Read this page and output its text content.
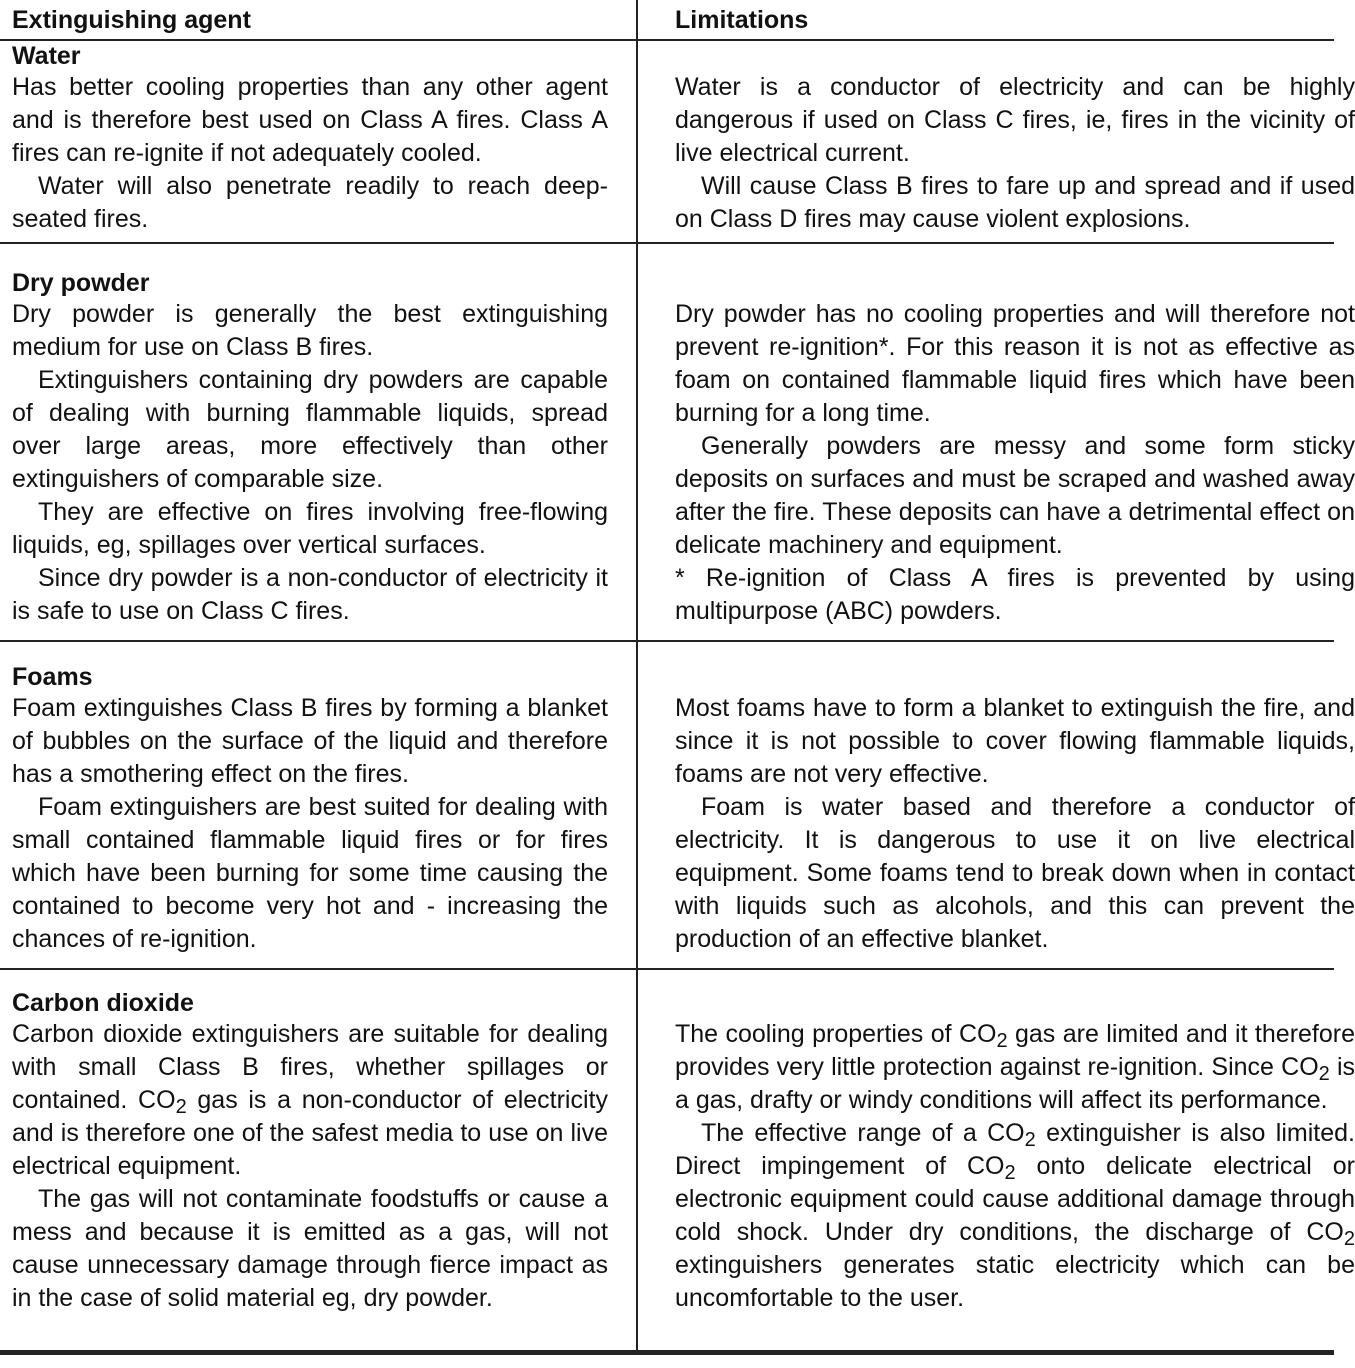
Extinguishing agent	Limitations
Water

Has better cooling properties than any other agent and is therefore best used on Class A fires. Class A fires can re-ignite if not adequately cooled.

Water will also penetrate readily to reach deep-seated fires.

Water is a conductor of electricity and can be highly dangerous if used on Class C fires, ie, fires in the vicinity of live electrical current.

Will cause Class B fires to fare up and spread and if used on Class D fires may cause violent explosions.

Dry powder

Dry powder is generally the best extinguishing medium for use on Class B fires.

Extinguishers containing dry powders are capable of dealing with burning flammable liquids, spread over large areas, more effectively than other extinguishers of comparable size.

They are effective on fires involving free-flowing liquids, eg, spillages over vertical surfaces.

Since dry powder is a non-conductor of electricity it is safe to use on Class C fires.

Dry powder has no cooling properties and will therefore not prevent re-ignition*. For this reason it is not as effective as foam on contained flammable liquid fires which have been burning for a long time.

Generally powders are messy and some form sticky deposits on surfaces and must be scraped and washed away after the fire. These deposits can have a detrimental effect on delicate machinery and equipment.

* Re-ignition of Class A fires is prevented by using multipurpose (ABC) powders.

Foams

Foam extinguishes Class B fires by forming a blanket of bubbles on the surface of the liquid and therefore has a smothering effect on the fires.

Foam extinguishers are best suited for dealing with small contained flammable liquid fires or for fires which have been burning for some time causing the contained to become very hot and - increasing the chances of re-ignition.

Most foams have to form a blanket to extinguish the fire, and since it is not possible to cover flowing flammable liquids, foams are not very effective.

Foam is water based and therefore a conductor of electricity. It is dangerous to use it on live electrical equipment. Some foams tend to break down when in contact with liquids such as alcohols, and this can prevent the production of an effective blanket.

Carbon dioxide

Carbon dioxide extinguishers are suitable for dealing with small Class B fires, whether spillages or contained. $CO_2$ gas is a non-conductor of electricity and is therefore one of the safest media to use on live electrical equipment.

The gas will not contaminate foodstuffs or cause a mess and because it is emitted as a gas, will not cause unnecessary damage through fierce impact as in the case of solid material eg, dry powder.

The cooling properties of $CO_2$ gas are limited and it therefore provides very little protection against re-ignition. Since $CO_2$ is a gas, drafty or windy conditions will affect its performance.

The effective range of a $CO_2$ extinguisher is also limited. Direct impingement of $CO_2$ onto delicate electrical or electronic equipment could cause additional damage through cold shock. Under dry conditions, the discharge of $CO_2$ extinguishers generates static electricity which can be uncomfortable to the user.
